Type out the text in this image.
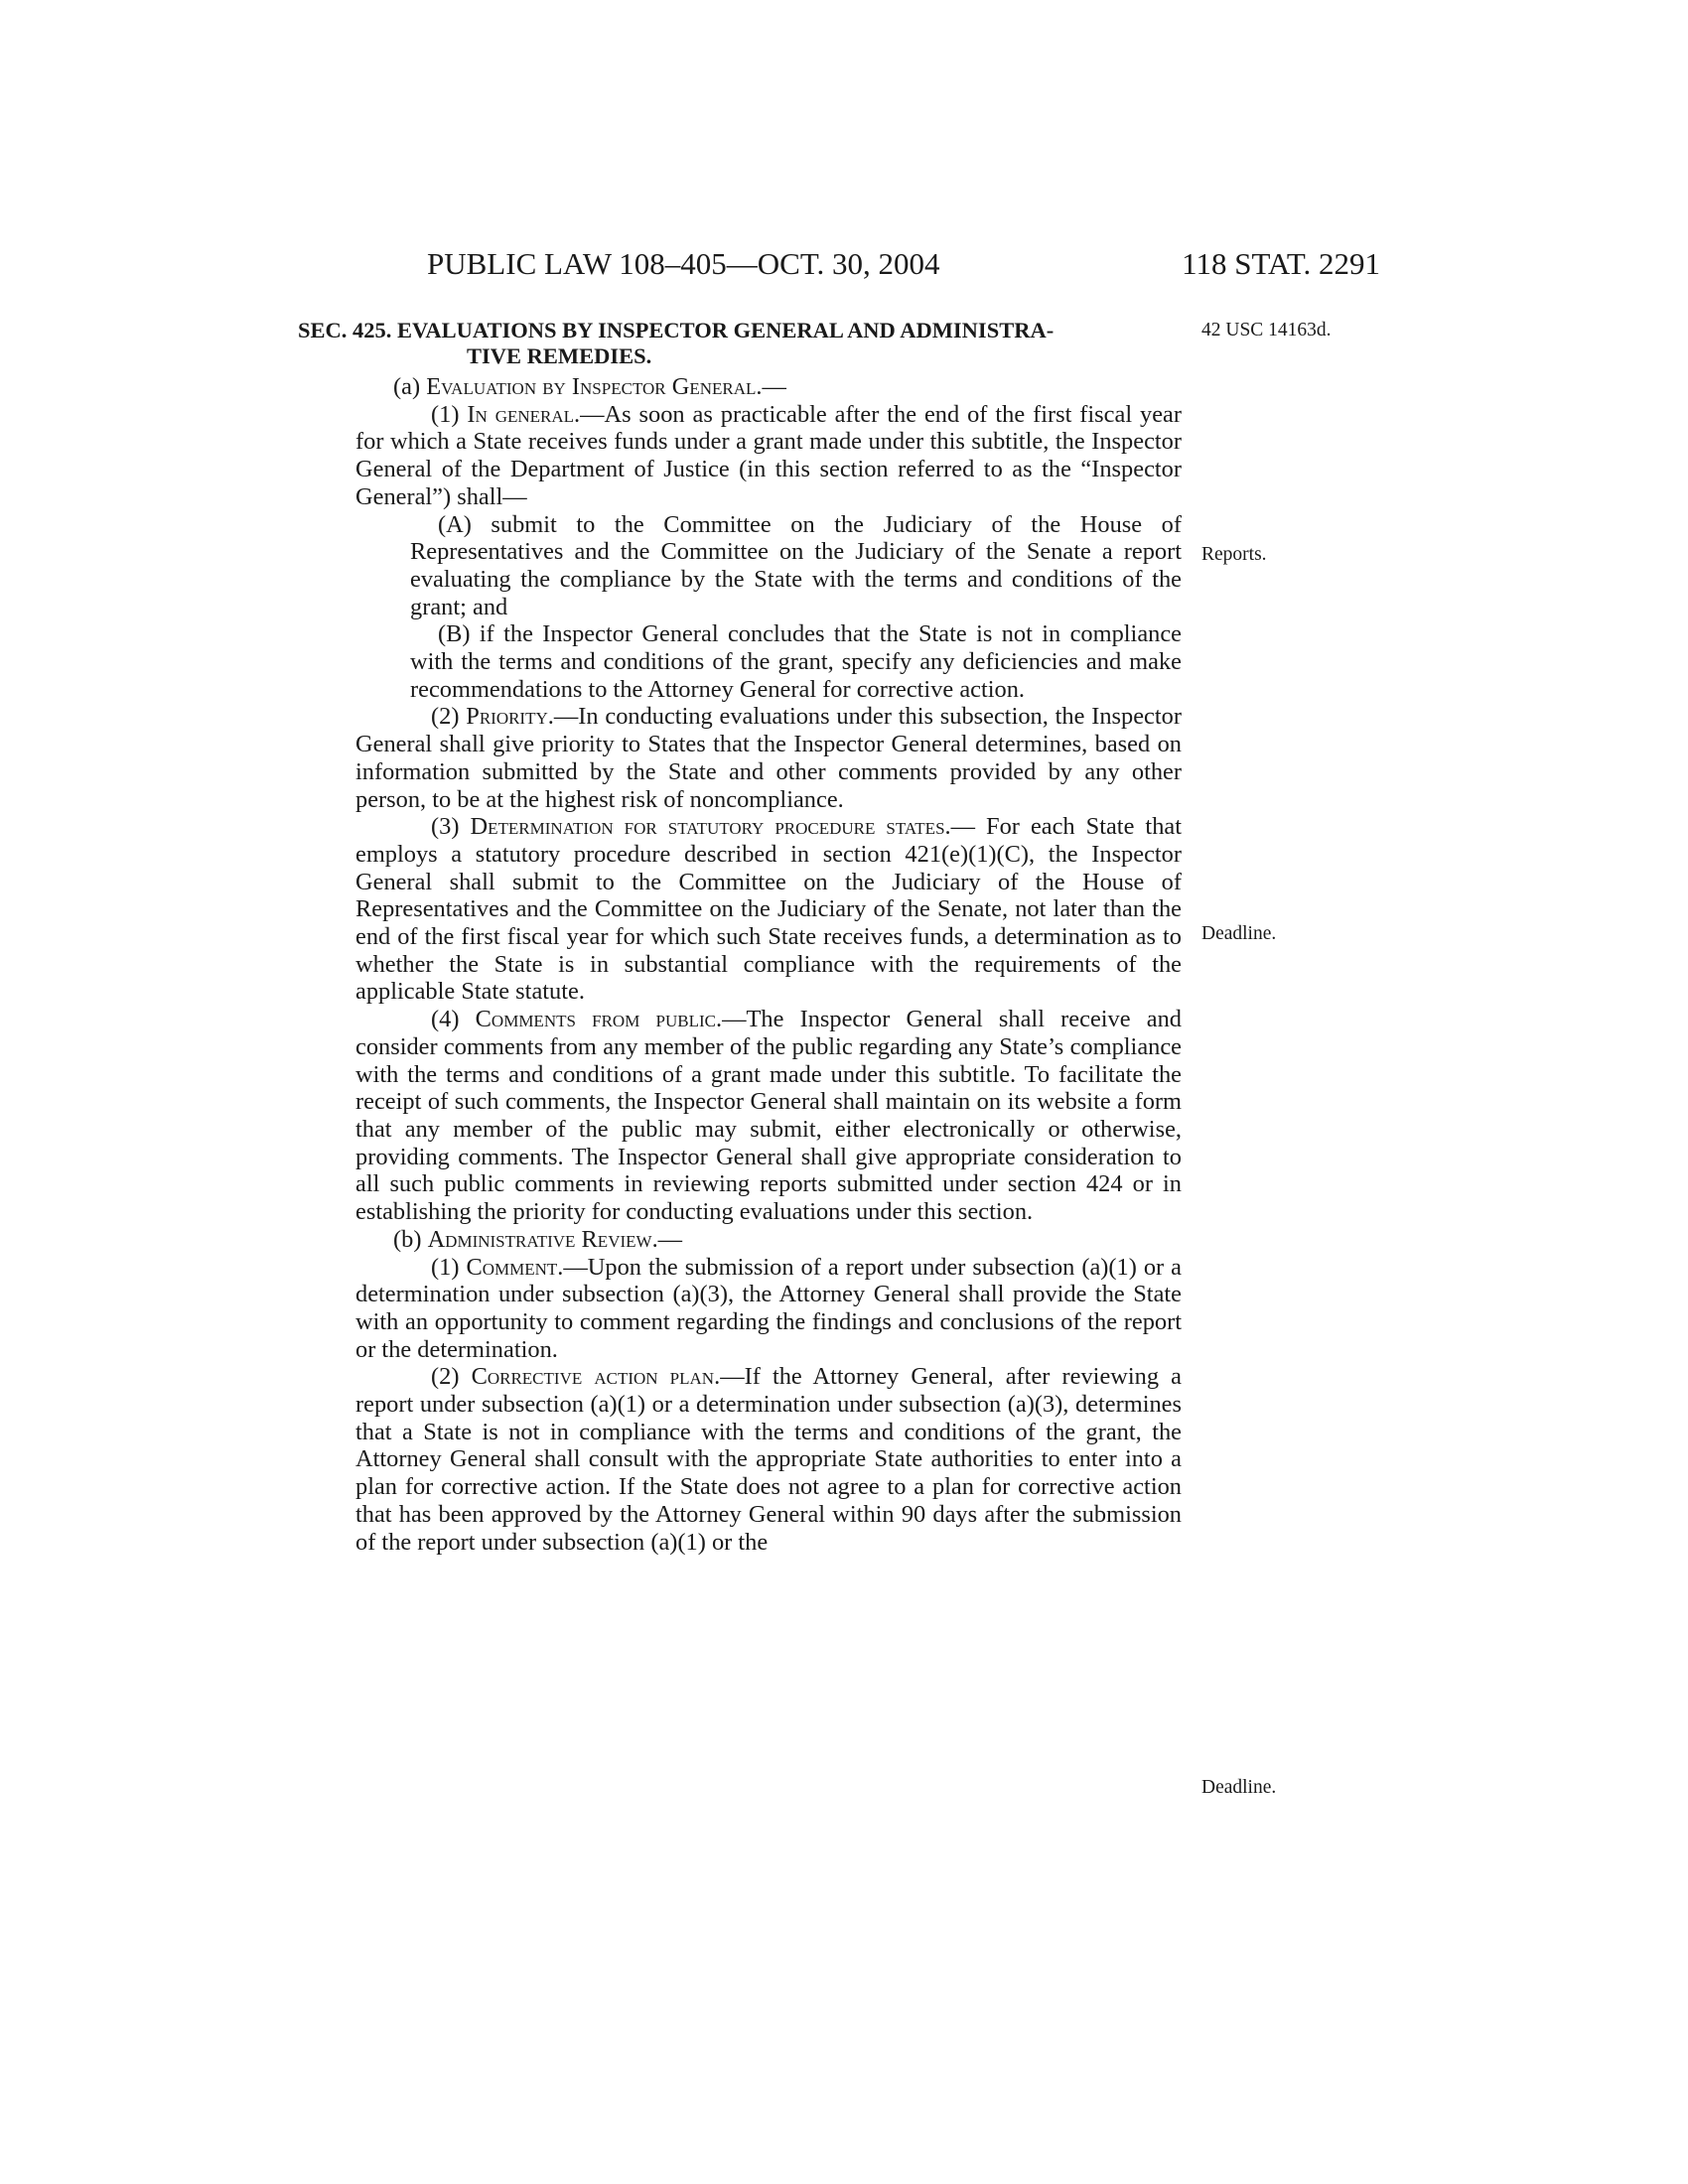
PUBLIC LAW 108–405—OCT. 30, 2004	118 STAT. 2291
SEC. 425. EVALUATIONS BY INSPECTOR GENERAL AND ADMINISTRA-
TIVE REMEDIES.
42 USC 14163d.
Reports.
Deadline.
Deadline.

(a) Evaluation by Inspector General.—

(1) In general.—As soon as practicable after the end of the first fiscal year for which a State receives funds under a grant made under this subtitle, the Inspector General of the Department of Justice (in this section referred to as the “Inspector General”) shall—

(A) submit to the Committee on the Judiciary of the House of Representatives and the Committee on the Judiciary of the Senate a report evaluating the compliance by the State with the terms and conditions of the grant; and

(B) if the Inspector General concludes that the State is not in compliance with the terms and conditions of the grant, specify any deficiencies and make recommendations to the Attorney General for corrective action.

(2) Priority.—In conducting evaluations under this subsection, the Inspector General shall give priority to States that the Inspector General determines, based on information submitted by the State and other comments provided by any other person, to be at the highest risk of noncompliance.

(3) Determination for statutory procedure states.— For each State that employs a statutory procedure described in section 421(e)(1)(C), the Inspector General shall submit to the Committee on the Judiciary of the House of Representatives and the Committee on the Judiciary of the Senate, not later than the end of the first fiscal year for which such State receives funds, a determination as to whether the State is in substantial compliance with the requirements of the applicable State statute.

(4) Comments from public.—The Inspector General shall receive and consider comments from any member of the public regarding any State’s compliance with the terms and conditions of a grant made under this subtitle. To facilitate the receipt of such comments, the Inspector General shall maintain on its website a form that any member of the public may submit, either electronically or otherwise, providing comments. The Inspector General shall give appropriate consideration to all such public comments in reviewing reports submitted under section 424 or in establishing the priority for conducting evaluations under this section.

(b) Administrative Review.—

(1) Comment.—Upon the submission of a report under subsection (a)(1) or a determination under subsection (a)(3), the Attorney General shall provide the State with an opportunity to comment regarding the findings and conclusions of the report or the determination.

(2) Corrective action plan.—If the Attorney General, after reviewing a report under subsection (a)(1) or a determination under subsection (a)(3), determines that a State is not in compliance with the terms and conditions of the grant, the Attorney General shall consult with the appropriate State authorities to enter into a plan for corrective action. If the State does not agree to a plan for corrective action that has been approved by the Attorney General within 90 days after the submission of the report under subsection (a)(1) or the
